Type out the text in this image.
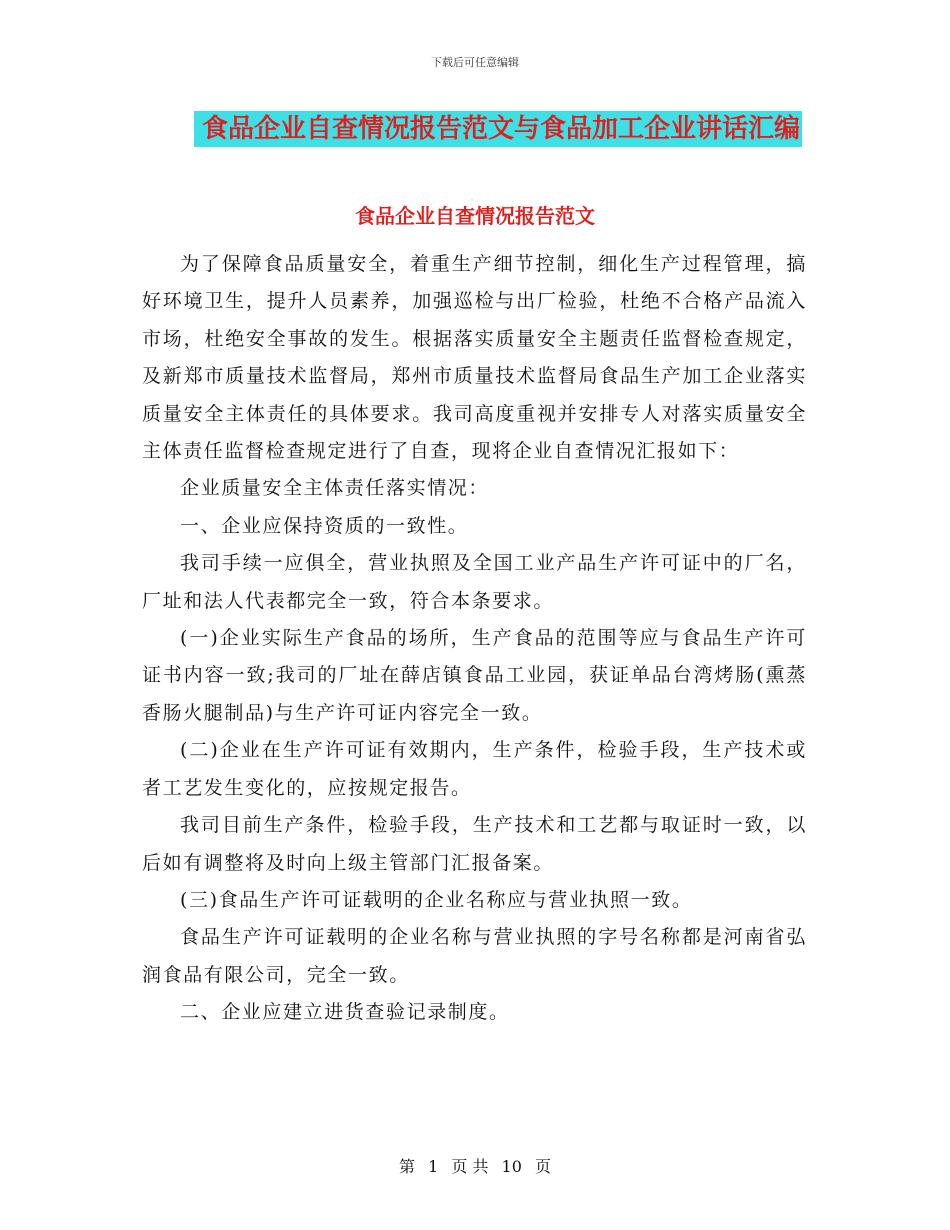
下载后可任意编辑
食品企业自查情况报告范文与食品加工企业讲话汇编
食品企业自查情况报告范文

为了保障食品质量安全，着重生产细节控制，细化生产过程管理，搞好环境卫生，提升人员素养，加强巡检与出厂检验，杜绝不合格产品流入市场，杜绝安全事故的发生。根据落实质量安全主题责任监督检查规定，及新郑市质量技术监督局，郑州市质量技术监督局食品生产加工企业落实质量安全主体责任的具体要求。我司高度重视并安排专人对落实质量安全主体责任监督检查规定进行了自查，现将企业自查情况汇报如下：

企业质量安全主体责任落实情况：

一、企业应保持资质的一致性。

我司手续一应俱全，营业执照及全国工业产品生产许可证中的厂名，厂址和法人代表都完全一致，符合本条要求。

(一)企业实际生产食品的场所，生产食品的范围等应与食品生产许可证书内容一致;我司的厂址在薛店镇食品工业园，获证单品台湾烤肠(熏蒸香肠火腿制品)与生产许可证内容完全一致。

(二)企业在生产许可证有效期内，生产条件，检验手段，生产技术或者工艺发生变化的，应按规定报告。

我司目前生产条件，检验手段，生产技术和工艺都与取证时一致，以后如有调整将及时向上级主管部门汇报备案。

(三)食品生产许可证载明的企业名称应与营业执照一致。

食品生产许可证载明的企业名称与营业执照的字号名称都是河南省弘润食品有限公司，完全一致。

二、企业应建立进货查验记录制度。

第 1 页 共 10 页
